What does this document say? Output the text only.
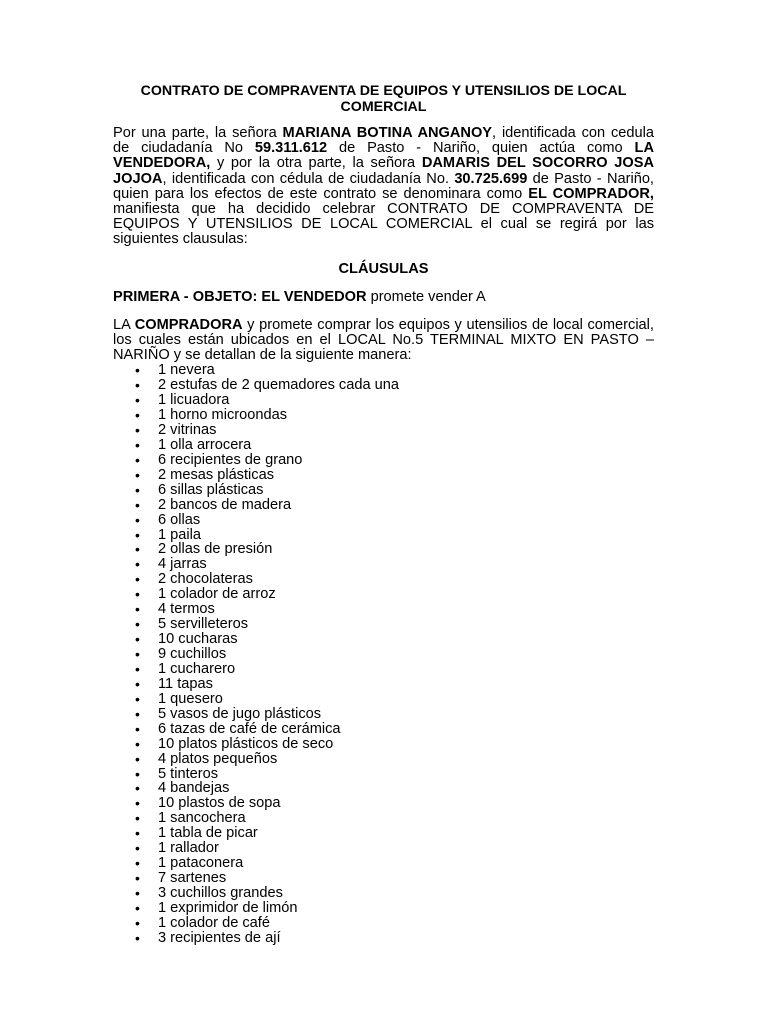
CONTRATO DE COMPRAVENTA DE EQUIPOS Y UTENSILIOS DE LOCAL COMERCIAL

Por una parte, la señora MARIANA BOTINA ANGANOY, identificada con cedula de ciudadanía No 59.311.612 de Pasto - Nariño, quien actúa como LA VENDEDORA, y por la otra parte, la señora DAMARIS DEL SOCORRO JOSA JOJOA, identificada con cédula de ciudadanía No. 30.725.699 de Pasto - Nariño, quien para los efectos de este contrato se denominara como EL COMPRADOR, manifiesta que ha decidido celebrar CONTRATO DE COMPRAVENTA DE EQUIPOS Y UTENSILIOS DE LOCAL COMERCIAL el cual se regirá por las siguientes clausulas:

CLÁUSULAS

PRIMERA - OBJETO: EL VENDEDOR promete vender A

LA COMPRADORA y promete comprar los equipos y utensilios de local comercial, los cuales están ubicados en el LOCAL No.5 TERMINAL MIXTO EN PASTO – NARIÑO y se detallan de la siguiente manera:

• 1 nevera
• 2 estufas de 2 quemadores cada una
• 1 licuadora
• 1 horno microondas
• 2 vitrinas
• 1 olla arrocera
• 6 recipientes de grano
• 2 mesas plásticas
• 6 sillas plásticas
• 2 bancos de madera
• 6 ollas
• 1 paila
• 2 ollas de presión
• 4 jarras
• 2 chocolateras
• 1 colador de arroz
• 4 termos
• 5 servilleteros
• 10 cucharas
• 9 cuchillos
• 1 cucharero
• 11 tapas
• 1 quesero
• 5 vasos de jugo plásticos
• 6 tazas de café de cerámica
• 10 platos plásticos de seco
• 4 platos pequeños
• 5 tinteros
• 4 bandejas
• 10 plastos de sopa
• 1 sancochera
• 1 tabla de picar
• 1 rallador
• 1 pataconera
• 7 sartenes
• 3 cuchillos grandes
• 1 exprimidor de limón
• 1 colador de café
• 3 recipientes de ají
